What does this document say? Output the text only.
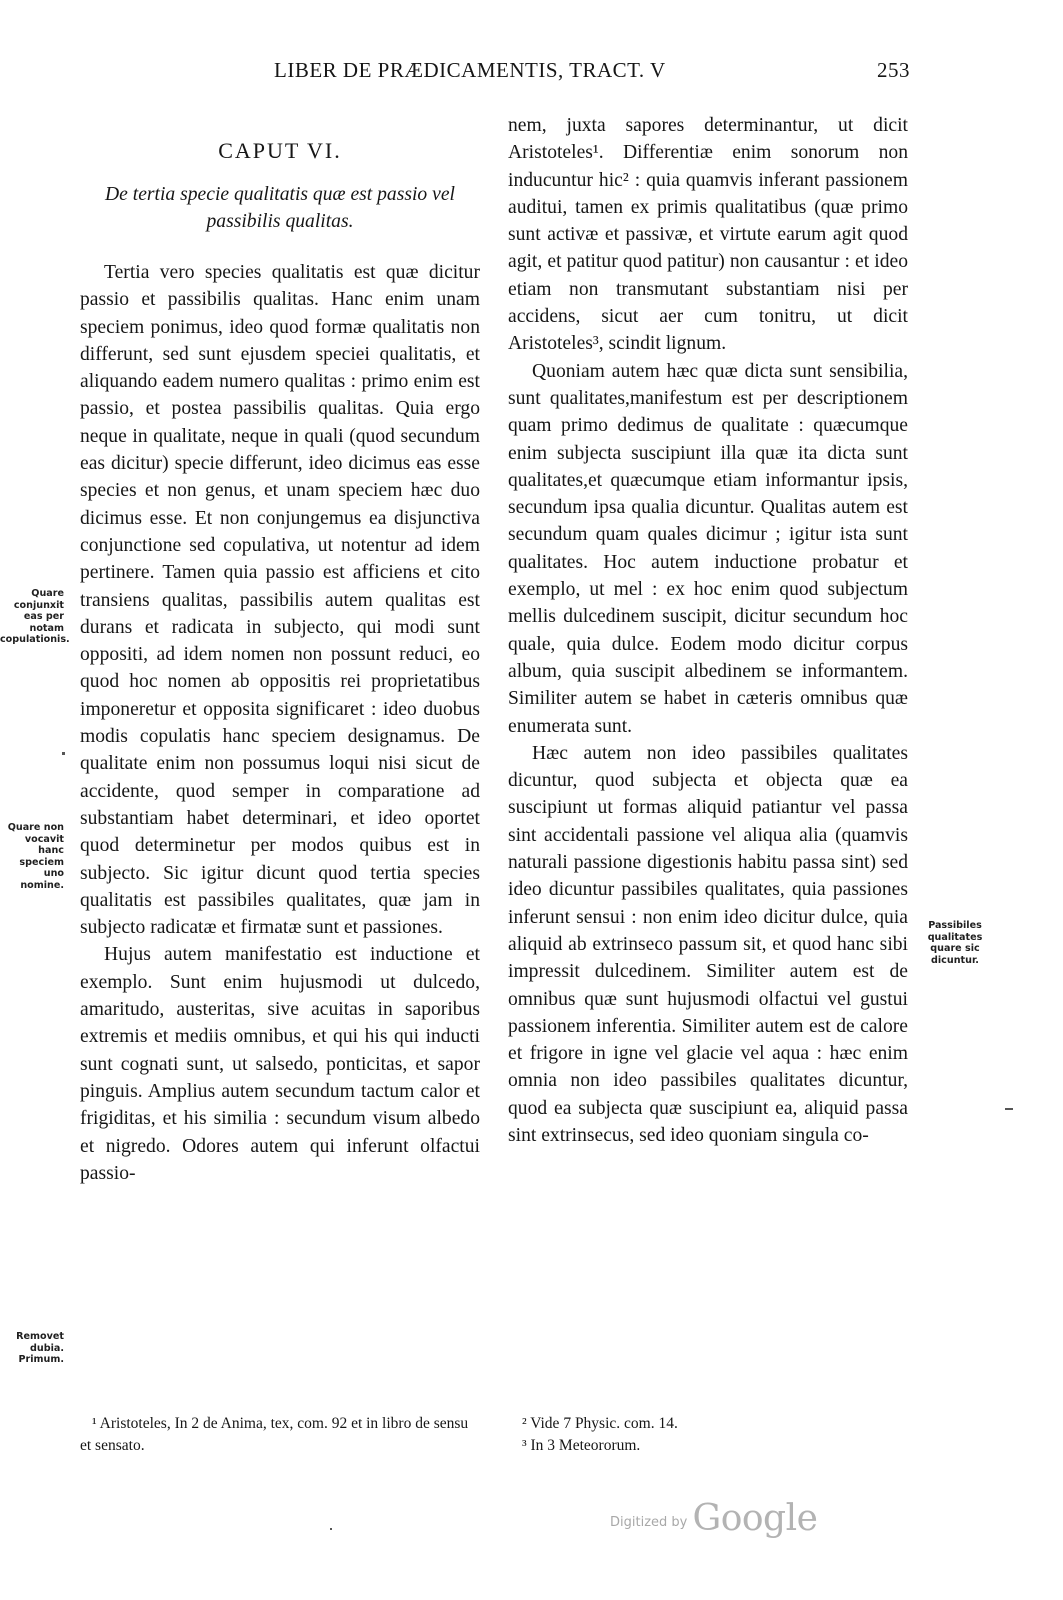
LIBER DE PRÆDICAMENTIS, TRACT. V	253
CAPUT VI.
De tertia specie qualitatis quæ est passio vel passibilis qualitas.

Tertia vero species qualitatis est quæ dicitur passio et passibilis qualitas. Hanc enim unam speciem ponimus, ideo quod formæ qualitatis non differunt, sed sunt ejusdem speciei qualitatis, et aliquando eadem numero qualitas : primo enim est passio, et postea passibilis qualitas. Quia ergo neque in qualitate, neque in quali (quod secundum eas dicitur) specie differunt, ideo dicimus eas esse species et non genus, et unam speciem hæc duo dicimus esse. Et non conjungemus ea disjunctiva conjunctione sed copulativa, ut notentur ad idem pertinere. Tamen quia passio est afficiens et cito transiens qualitas, passibilis autem qualitas est durans et radicata in subjecto, qui modi sunt oppositi, ad idem nomen non possunt reduci, eo quod hoc nomen ab oppositis rei proprietatibus imponeretur et opposita significaret : ideo duobus modis copulatis hanc speciem designamus. De qualitate enim non possumus loqui nisi sicut de accidente, quod semper in comparatione ad substantiam habet determinari, et ideo oportet quod determinetur per modos quibus est in subjecto. Sic igitur dicunt quod tertia species qualitatis est passibiles qualitates, quæ jam in subjecto radicatæ et firmatæ sunt et passiones.

Hujus autem manifestatio est inductione et exemplo. Sunt enim hujusmodi ut dulcedo, amaritudo, austeritas, sive acuitas in saporibus extremis et mediis omnibus, et qui his qui inducti sunt cognati sunt, ut salsedo, ponticitas, et sapor pinguis. Amplius autem secundum tactum calor et frigiditas, et his similia : secundum visum albedo et nigredo. Odores autem qui inferunt olfactui passio-

nem, juxta sapores determinantur, ut dicit Aristoteles¹. Differentiæ enim sonorum non inducuntur hic² : quia quamvis inferant passionem auditui, tamen ex primis qualitatibus (quæ primo sunt activæ et passivæ, et virtute earum agit quod agit, et patitur quod patitur) non causantur : et ideo etiam non transmutant substantiam nisi per accidens, sicut aer cum tonitru, ut dicit Aristoteles³, scindit lignum.

Quoniam autem hæc quæ dicta sunt sensibilia, sunt qualitates,manifestum est per descriptionem quam primo dedimus de qualitate : quæcumque enim subjecta suscipiunt illa quæ ita dicta sunt qualitates,et quæcumque etiam informantur ipsis, secundum ipsa qualia dicuntur. Qualitas autem est secundum quam quales dicimur ; igitur ista sunt qualitates. Hoc autem inductione probatur et exemplo, ut mel : ex hoc enim quod subjectum mellis dulcedinem suscipit, dicitur secundum hoc quale, quia dulce. Eodem modo dicitur corpus album, quia suscipit albedinem se informantem. Similiter autem se habet in cæteris omnibus quæ enumerata sunt.

Hæc autem non ideo passibiles qualitates dicuntur, quod subjecta et objecta quæ ea suscipiunt ut formas aliquid patiantur vel passa sint accidentali passione vel aliqua alia (quamvis naturali passione digestionis habitu passa sint) sed ideo dicuntur passibiles qualitates, quia passiones inferunt sensui : non enim ideo dicitur dulce, quia aliquid ab extrinseco passum sit, et quod hanc sibi impressit dulcedinem. Similiter autem est de omnibus quæ sunt hujusmodi olfactui vel gustui passionem inferentia. Similiter autem est de calore et frigore in igne vel glacie vel aqua : hæc enim omnia non ideo passibiles qualitates dicuntur, quod ea subjecta quæ suscipiunt ea, aliquid passa sint extrinsecus, sed ideo quoniam singula co-

Quare conjunxit eas per notam copulationis.
Quare non vocavit hanc speciem uno nomine.
Removet dubia. Primum.
Passibiles qualitates quare sic dicuntur.

¹ Aristoteles, In 2 de Anima, tex, com. 92 et in libro de sensu et sensato.

² Vide 7 Physic. com. 14.

³ In 3 Meteororum.

$^{Digitized by}$ Google
